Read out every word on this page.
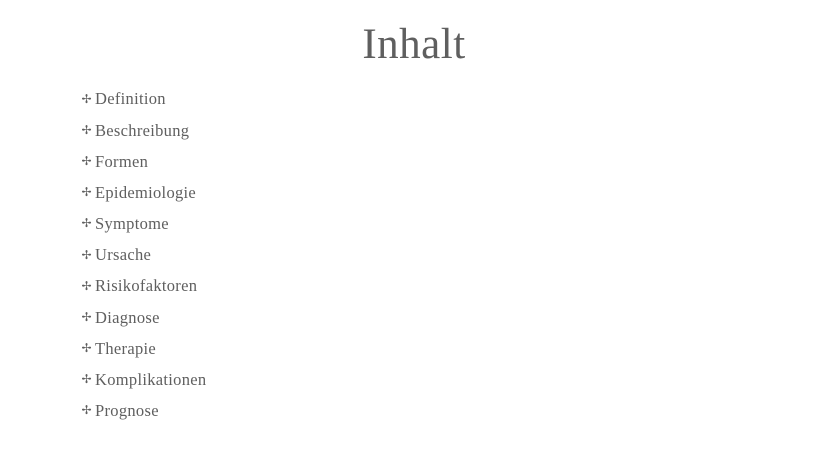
Inhalt
✢ Definition
✢ Beschreibung
✢ Formen
✢ Epidemiologie
✢ Symptome
✢ Ursache
✢ Risikofaktoren
✢ Diagnose
✢ Therapie
✢ Komplikationen
✢ Prognose
